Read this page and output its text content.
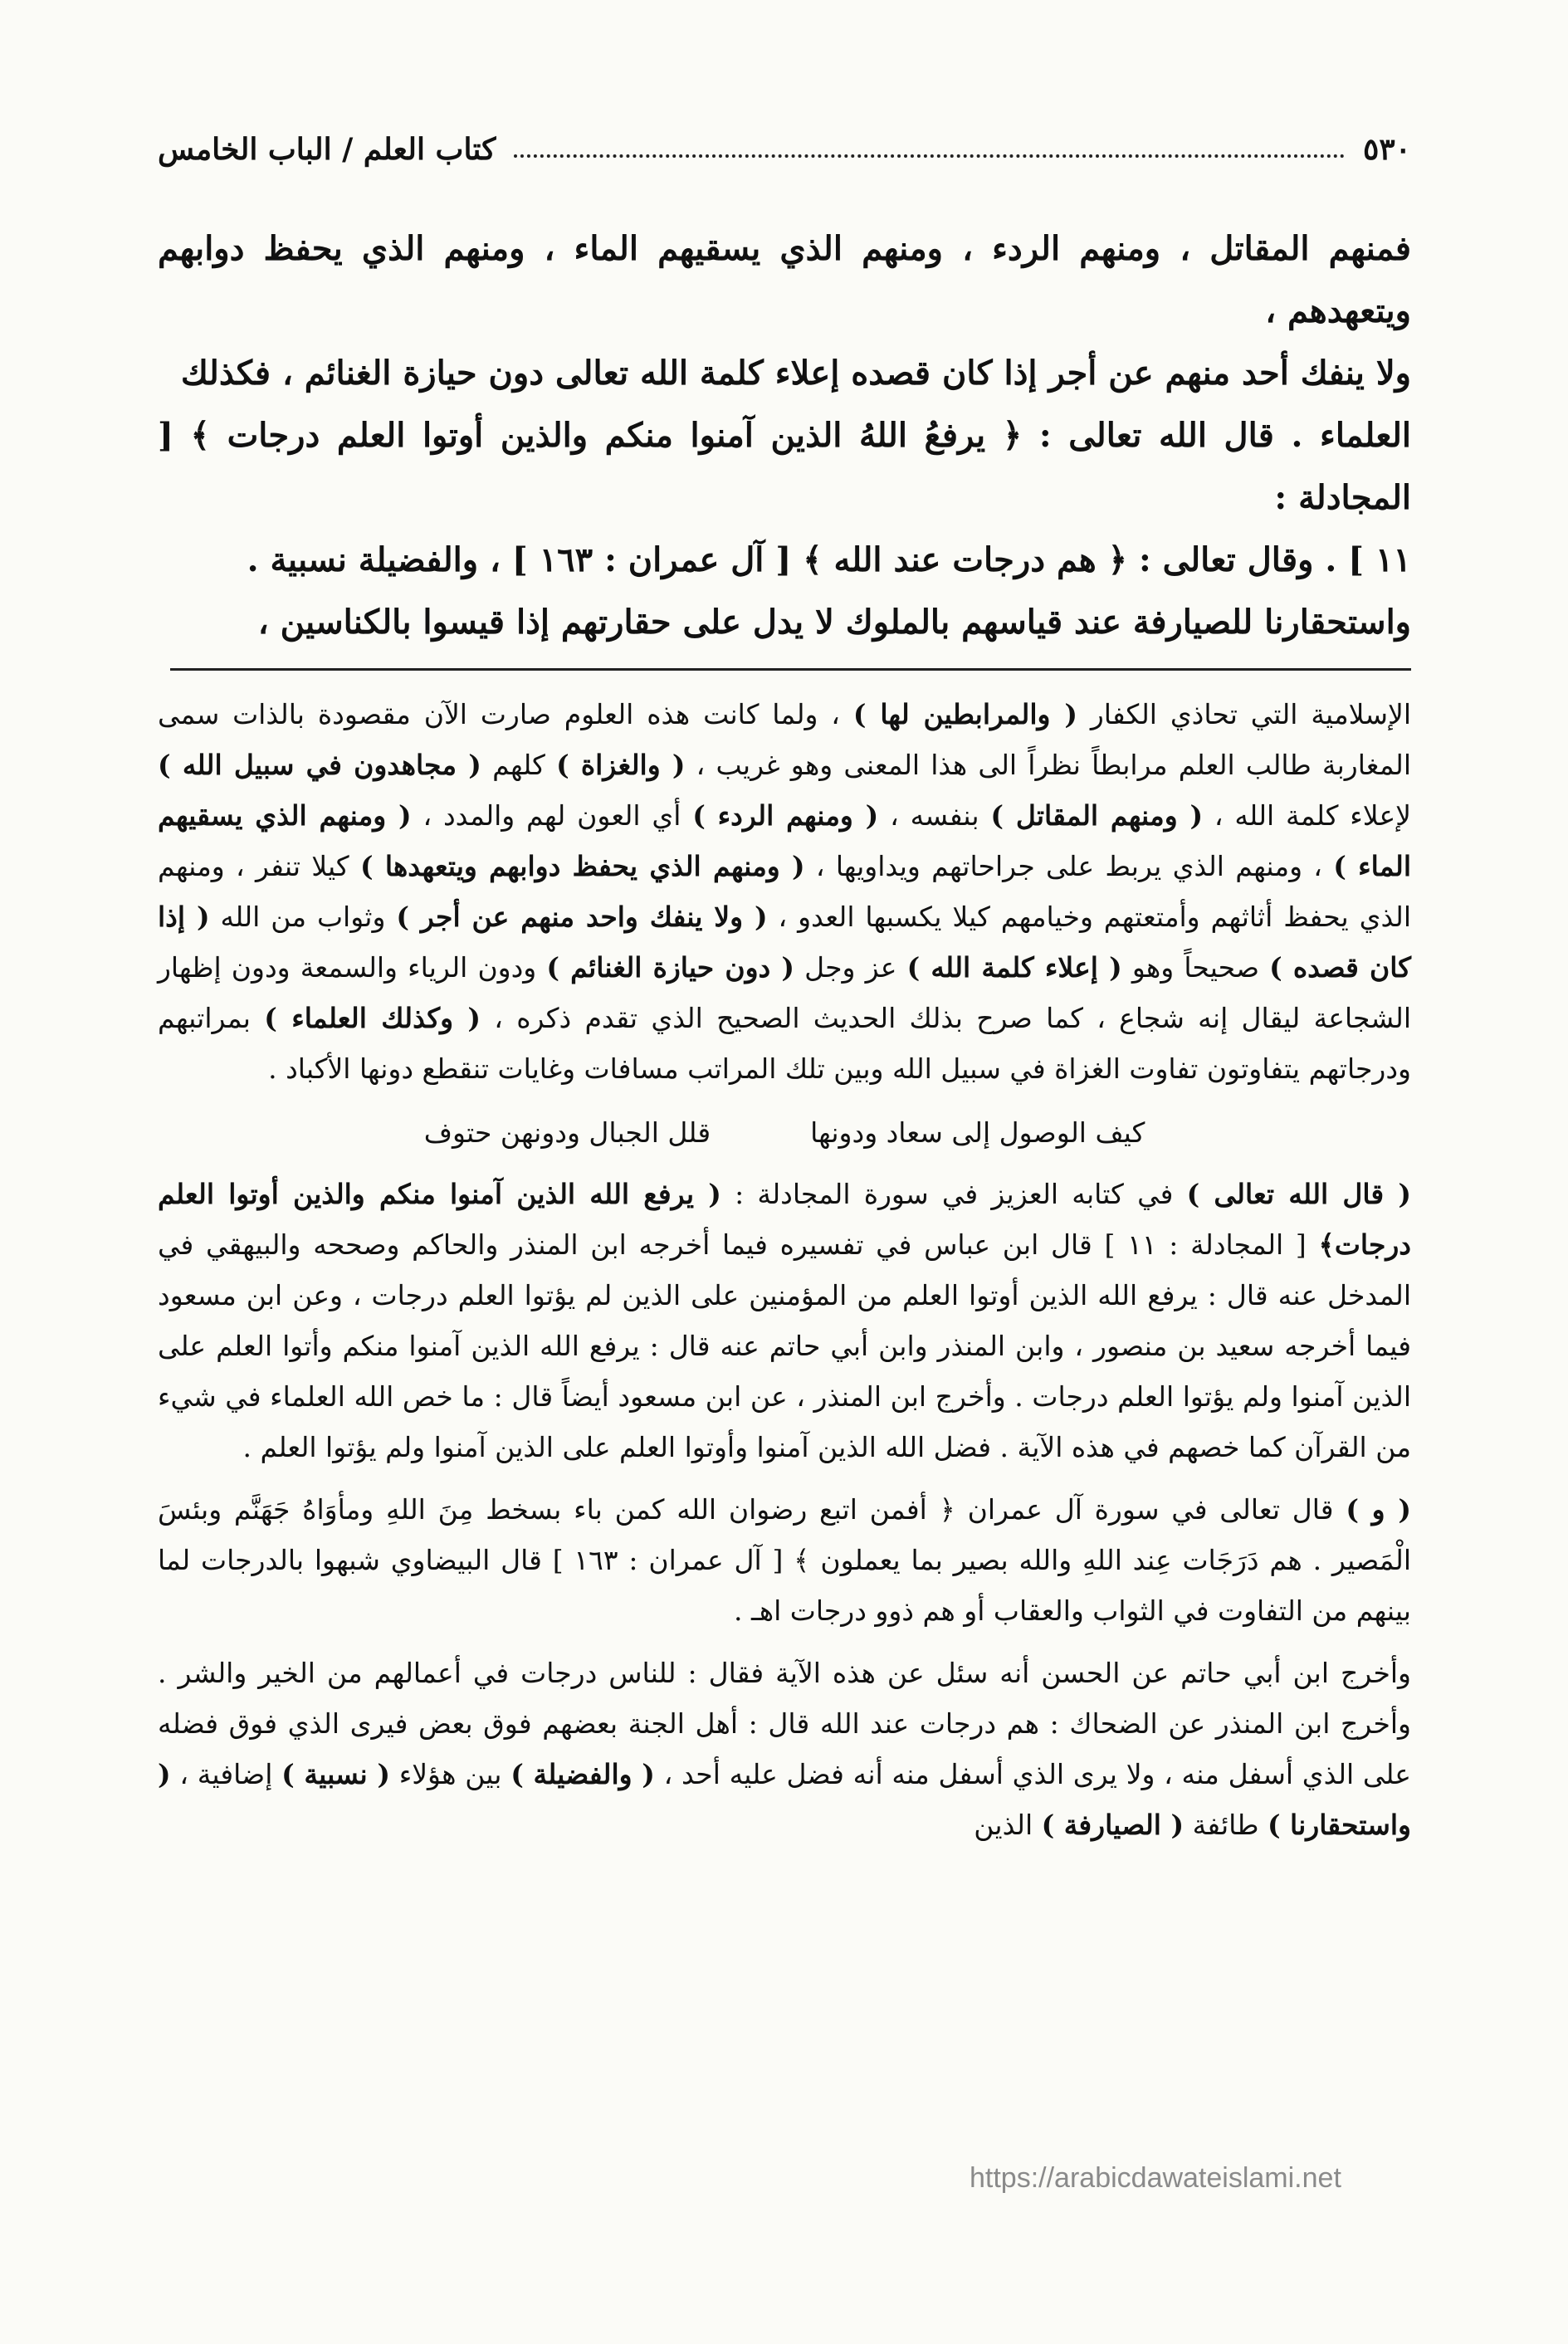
٥٣٠
كتاب العلم / الباب الخامس

فمنهم المقاتل ، ومنهم الردء ، ومنهم الذي يسقيهم الماء ، ومنهم الذي يحفظ دوابهم ويتعهدهم ،

ولا ينفك أحد منهم عن أجر إذا كان قصده إعلاء كلمة الله تعالى دون حيازة الغنائم ، فكذلك

العلماء . قال الله تعالى : ﴿ يرفعُ اللهُ الذين آمنوا منكم والذين أوتوا العلم درجات ﴾ [ المجادلة :

١١ ] . وقال تعالى : ﴿ هم درجات عند الله ﴾ [ آل عمران : ١٦٣ ] ، والفضيلة نسبية .

واستحقارنا للصيارفة عند قياسهم بالملوك لا يدل على حقارتهم إذا قيسوا بالكناسين ،

الإسلامية التي تحاذي الكفار ( والمرابطين لها ) ، ولما كانت هذه العلوم صارت الآن مقصودة بالذات سمى المغاربة طالب العلم مرابطاً نظراً الى هذا المعنى وهو غريب ، ( والغزاة ) كلهم ( مجاهدون في سبيل الله ) لإعلاء كلمة الله ، ( ومنهم المقاتل ) بنفسه ، ( ومنهم الردء ) أي العون لهم والمدد ، ( ومنهم الذي يسقيهم الماء ) ، ومنهم الذي يربط على جراحاتهم ويداويها ، ( ومنهم الذي يحفظ دوابهم ويتعهدها ) كيلا تنفر ، ومنهم الذي يحفظ أثاثهم وأمتعتهم وخيامهم كيلا يكسبها العدو ، ( ولا ينفك واحد منهم عن أجر ) وثواب من الله ( إذا كان قصده ) صحيحاً وهو ( إعلاء كلمة الله ) عز وجل ( دون حيازة الغنائم ) ودون الرياء والسمعة ودون إظهار الشجاعة ليقال إنه شجاع ، كما صرح بذلك الحديث الصحيح الذي تقدم ذكره ، ( وكذلك العلماء ) بمراتبهم ودرجاتهم يتفاوتون تفاوت الغزاة في سبيل الله وبين تلك المراتب مسافات وغايات تنقطع دونها الأكباد .

كيف الوصول إلى سعاد ودونها
قلل الجبال ودونهن حتوف

( قال الله تعالى ) في كتابه العزيز في سورة المجادلة : ( يرفع الله الذين آمنوا منكم والذين أوتوا العلم درجات﴾ [ المجادلة : ١١ ] قال ابن عباس في تفسيره فيما أخرجه ابن المنذر والحاكم وصححه والبيهقي في المدخل عنه قال : يرفع الله الذين أوتوا العلم من المؤمنين على الذين لم يؤتوا العلم درجات ، وعن ابن مسعود فيما أخرجه سعيد بن منصور ، وابن المنذر وابن أبي حاتم عنه قال : يرفع الله الذين آمنوا منكم وأتوا العلم على الذين آمنوا ولم يؤتوا العلم درجات . وأخرج ابن المنذر ، عن ابن مسعود أيضاً قال : ما خص الله العلماء في شيء من القرآن كما خصهم في هذه الآية . فضل الله الذين آمنوا وأوتوا العلم على الذين آمنوا ولم يؤتوا العلم .

( و ) قال تعالى في سورة آل عمران ﴿ أفمن اتبع رضوان الله كمن باء بسخط مِنَ اللهِ ومأوَاهُ جَهَنَّم وبئسَ الْمَصير . هم دَرَجَات عِند اللهِ والله بصير بما يعملون ﴾ [ آل عمران : ١٦٣ ] قال البيضاوي شبهوا بالدرجات لما بينهم من التفاوت في الثواب والعقاب أو هم ذوو درجات اهـ .

وأخرج ابن أبي حاتم عن الحسن أنه سئل عن هذه الآية فقال : للناس درجات في أعمالهم من الخير والشر . وأخرج ابن المنذر عن الضحاك : هم درجات عند الله قال : أهل الجنة بعضهم فوق بعض فيرى الذي فوق فضله على الذي أسفل منه ، ولا يرى الذي أسفل منه أنه فضل عليه أحد ، ( والفضيلة ) بين هؤلاء ( نسبية ) إضافية ، ( واستحقارنا ) طائفة ( الصيارفة ) الذين

https://arabicdawateislami.net
